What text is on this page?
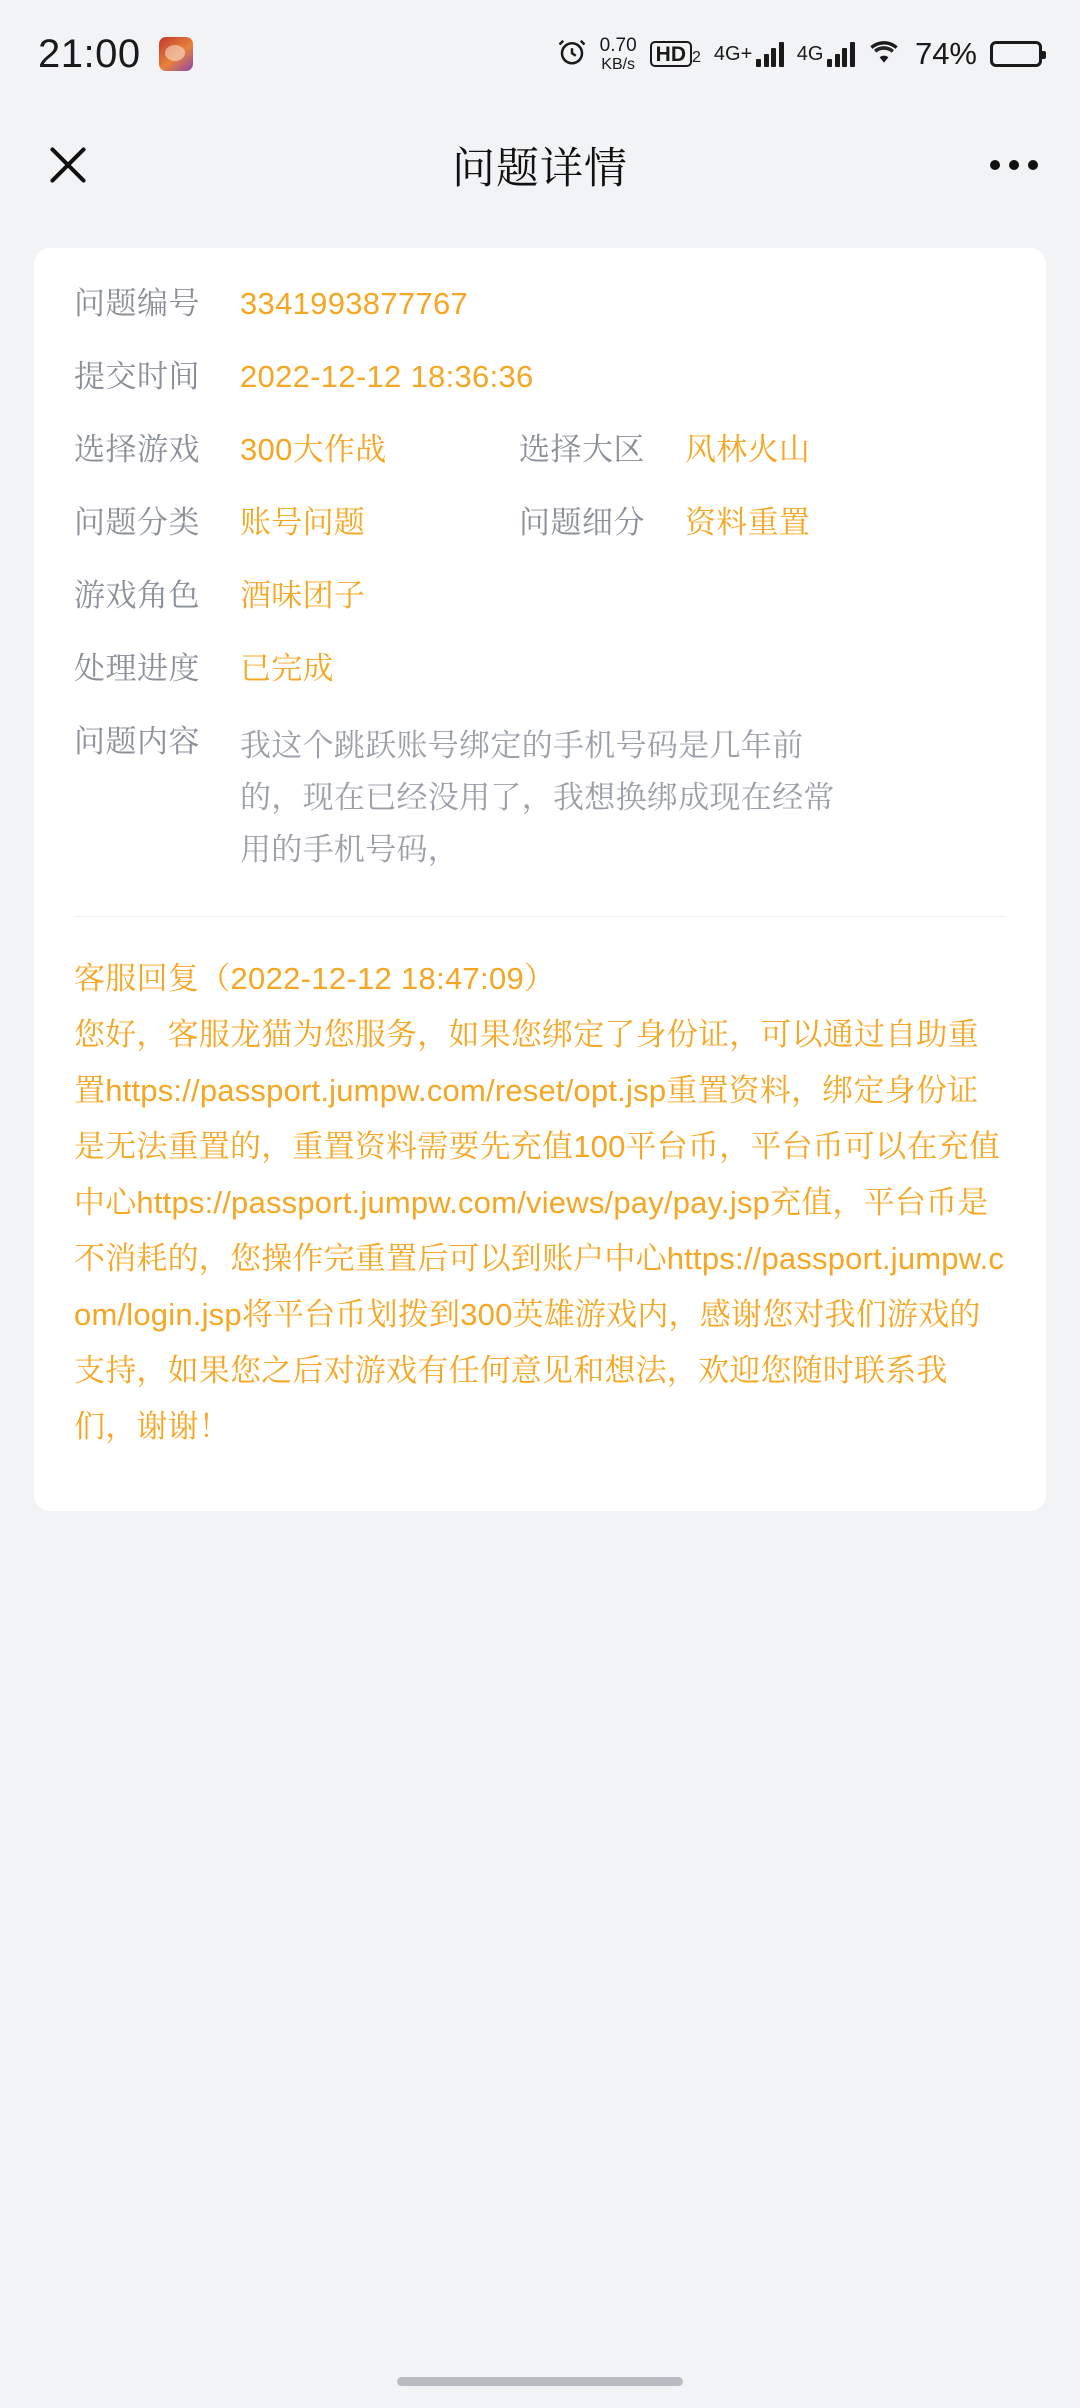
21:00	0.70
KB/s HD 2 4G+ 4G	74%
问题详情
问题编号	3341993877767
提交时间	2022-12-12 18:36:36
选择游戏	300大作战	选择大区	风林火山
问题分类	账号问题	问题细分	资料重置
游戏角色	酒味团子
处理进度	已完成
问题内容	我这个跳跃账号绑定的手机号码是几年前的，现在已经没用了，我想换绑成现在经常用的手机号码，
客服回复（2022-12-12 18:47:09）
您好，客服龙猫为您服务，如果您绑定了身份证，可以通过自助重置https://passport.jumpw.com/reset/opt.jsp重置资料，绑定身份证是无法重置的，重置资料需要先充值100平台币，平台币可以在充值中心https://passport.jumpw.com/views/pay/pay.jsp充值，平台币是不消耗的，您操作完重置后可以到账户中心https://passport.jumpw.com/login.jsp将平台币划拨到300英雄游戏内，感谢您对我们游戏的支持，如果您之后对游戏有任何意见和想法，欢迎您随时联系我们，谢谢！
